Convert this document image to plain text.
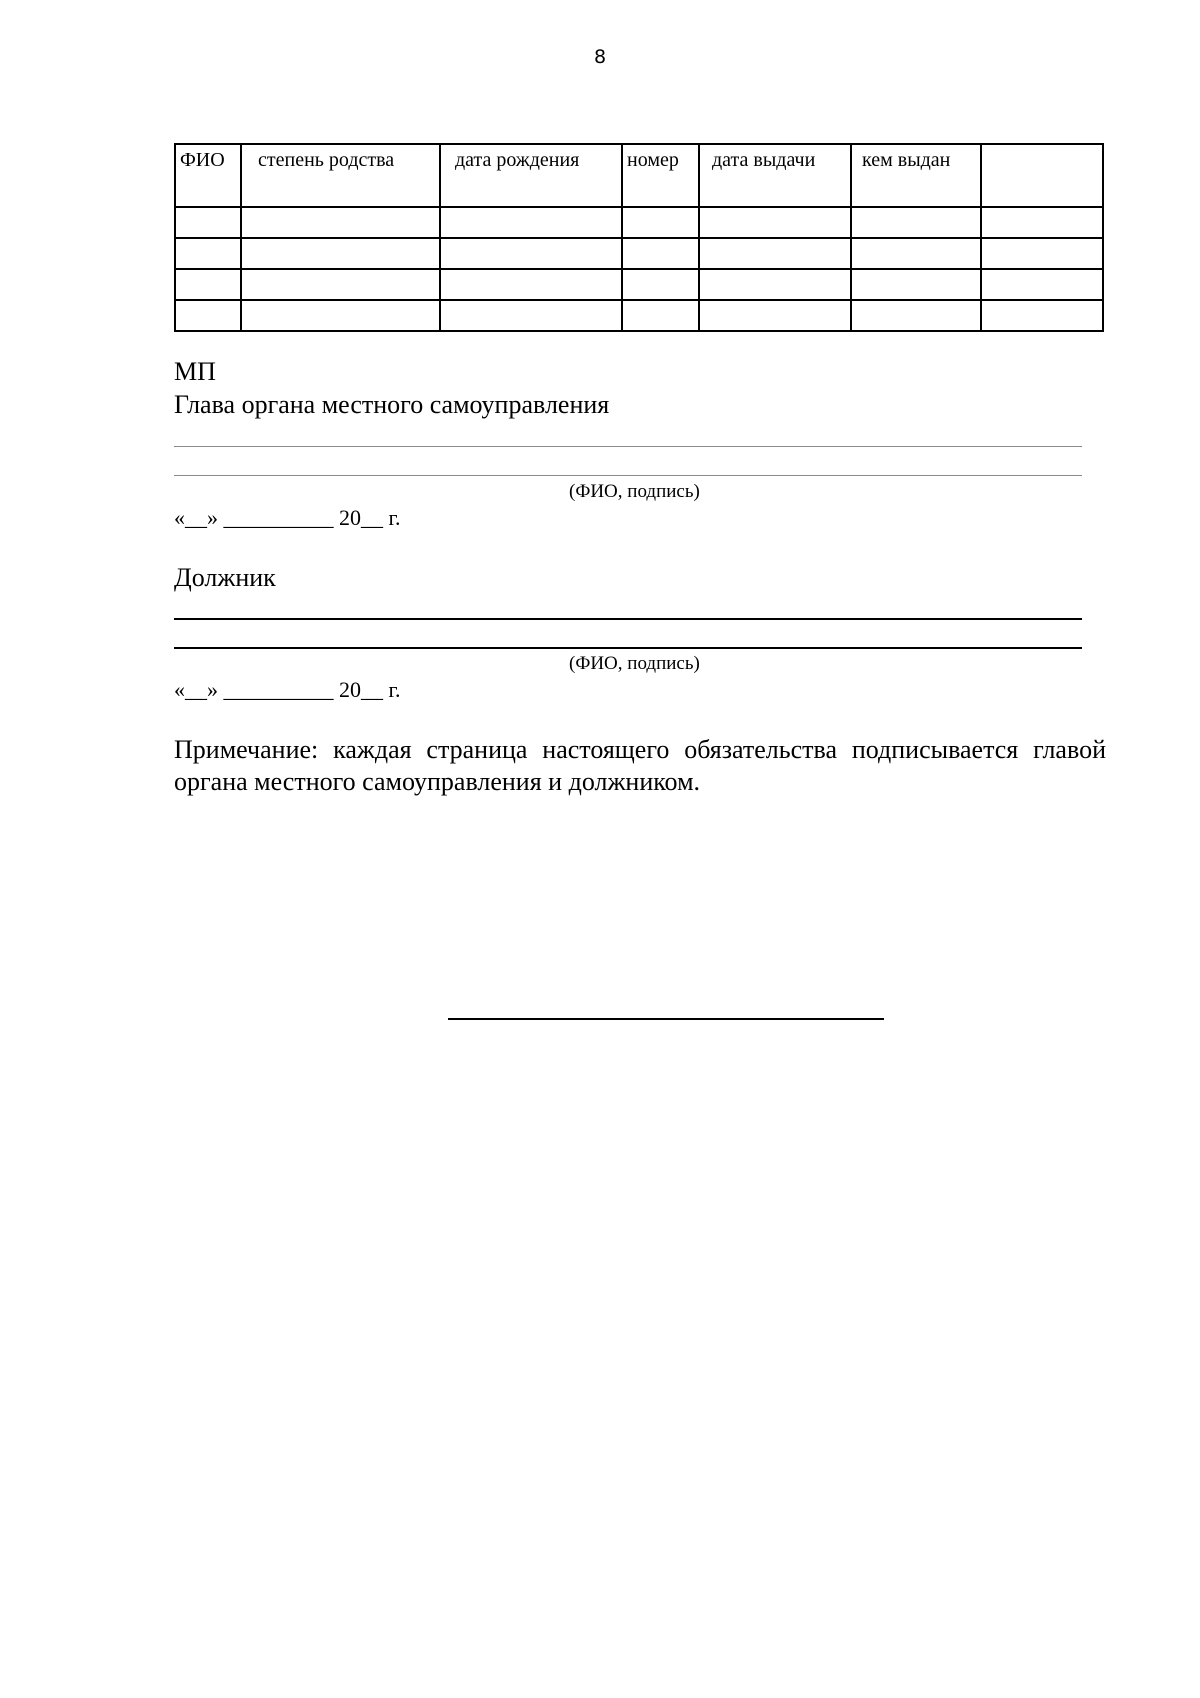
8
ФИО	степень родства	дата рождения	номер	дата выдачи	кем выдан	

МП
Глава органа местного самоуправления
(ФИО, подпись)
«__» __________ 20__ г.
Должник
(ФИО, подпись)
«__» __________ 20__ г.
Примечание: каждая страница настоящего обязательства подписывается главой органа местного самоуправления и должником.
